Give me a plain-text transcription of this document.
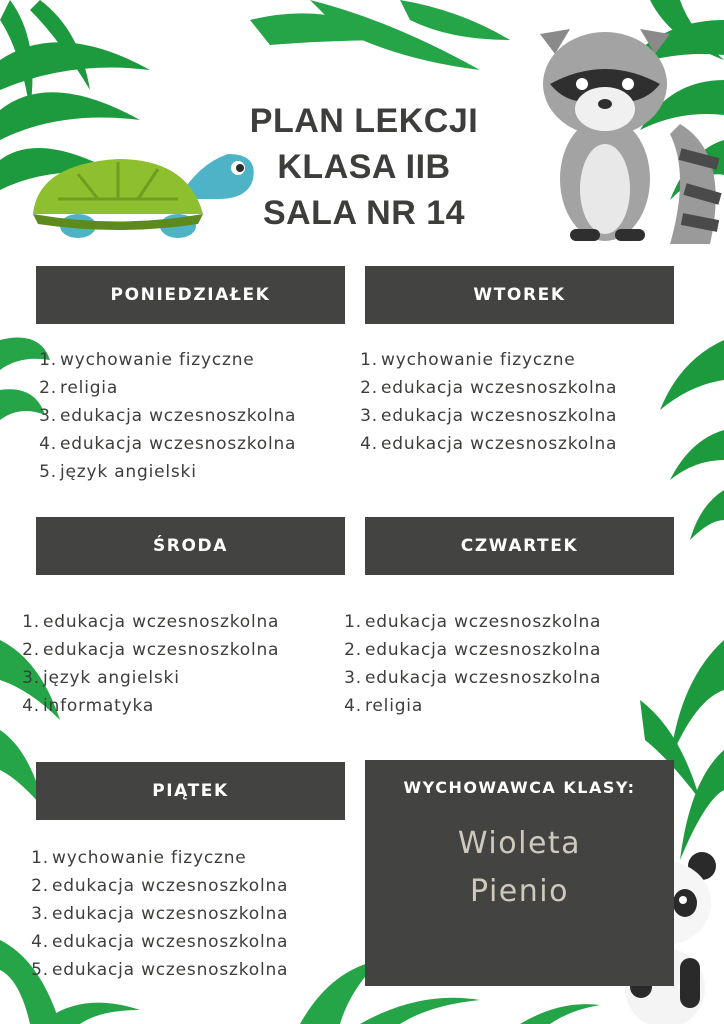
PLAN LEKCJI
KLASA IIB
SALA NR 14
PONIEDZIAŁEK
1. wychowanie fizyczne
2. religia
3. edukacja wczesnoszkolna
4. edukacja wczesnoszkolna
5. język angielski
WTOREK
1. wychowanie fizyczne
2. edukacja wczesnoszkolna
3. edukacja wczesnoszkolna
4. edukacja wczesnoszkolna
ŚRODA
1. edukacja wczesnoszkolna
2. edukacja wczesnoszkolna
3. język angielski
4. informatyka
CZWARTEK
1. edukacja wczesnoszkolna
2. edukacja wczesnoszkolna
3. edukacja wczesnoszkolna
4. religia
PIĄTEK
1. wychowanie fizyczne
2. edukacja wczesnoszkolna
3. edukacja wczesnoszkolna
4. edukacja wczesnoszkolna
5. edukacja wczesnoszkolna
WYCHOWAWCA KLASY:
Wioleta
Pienio
